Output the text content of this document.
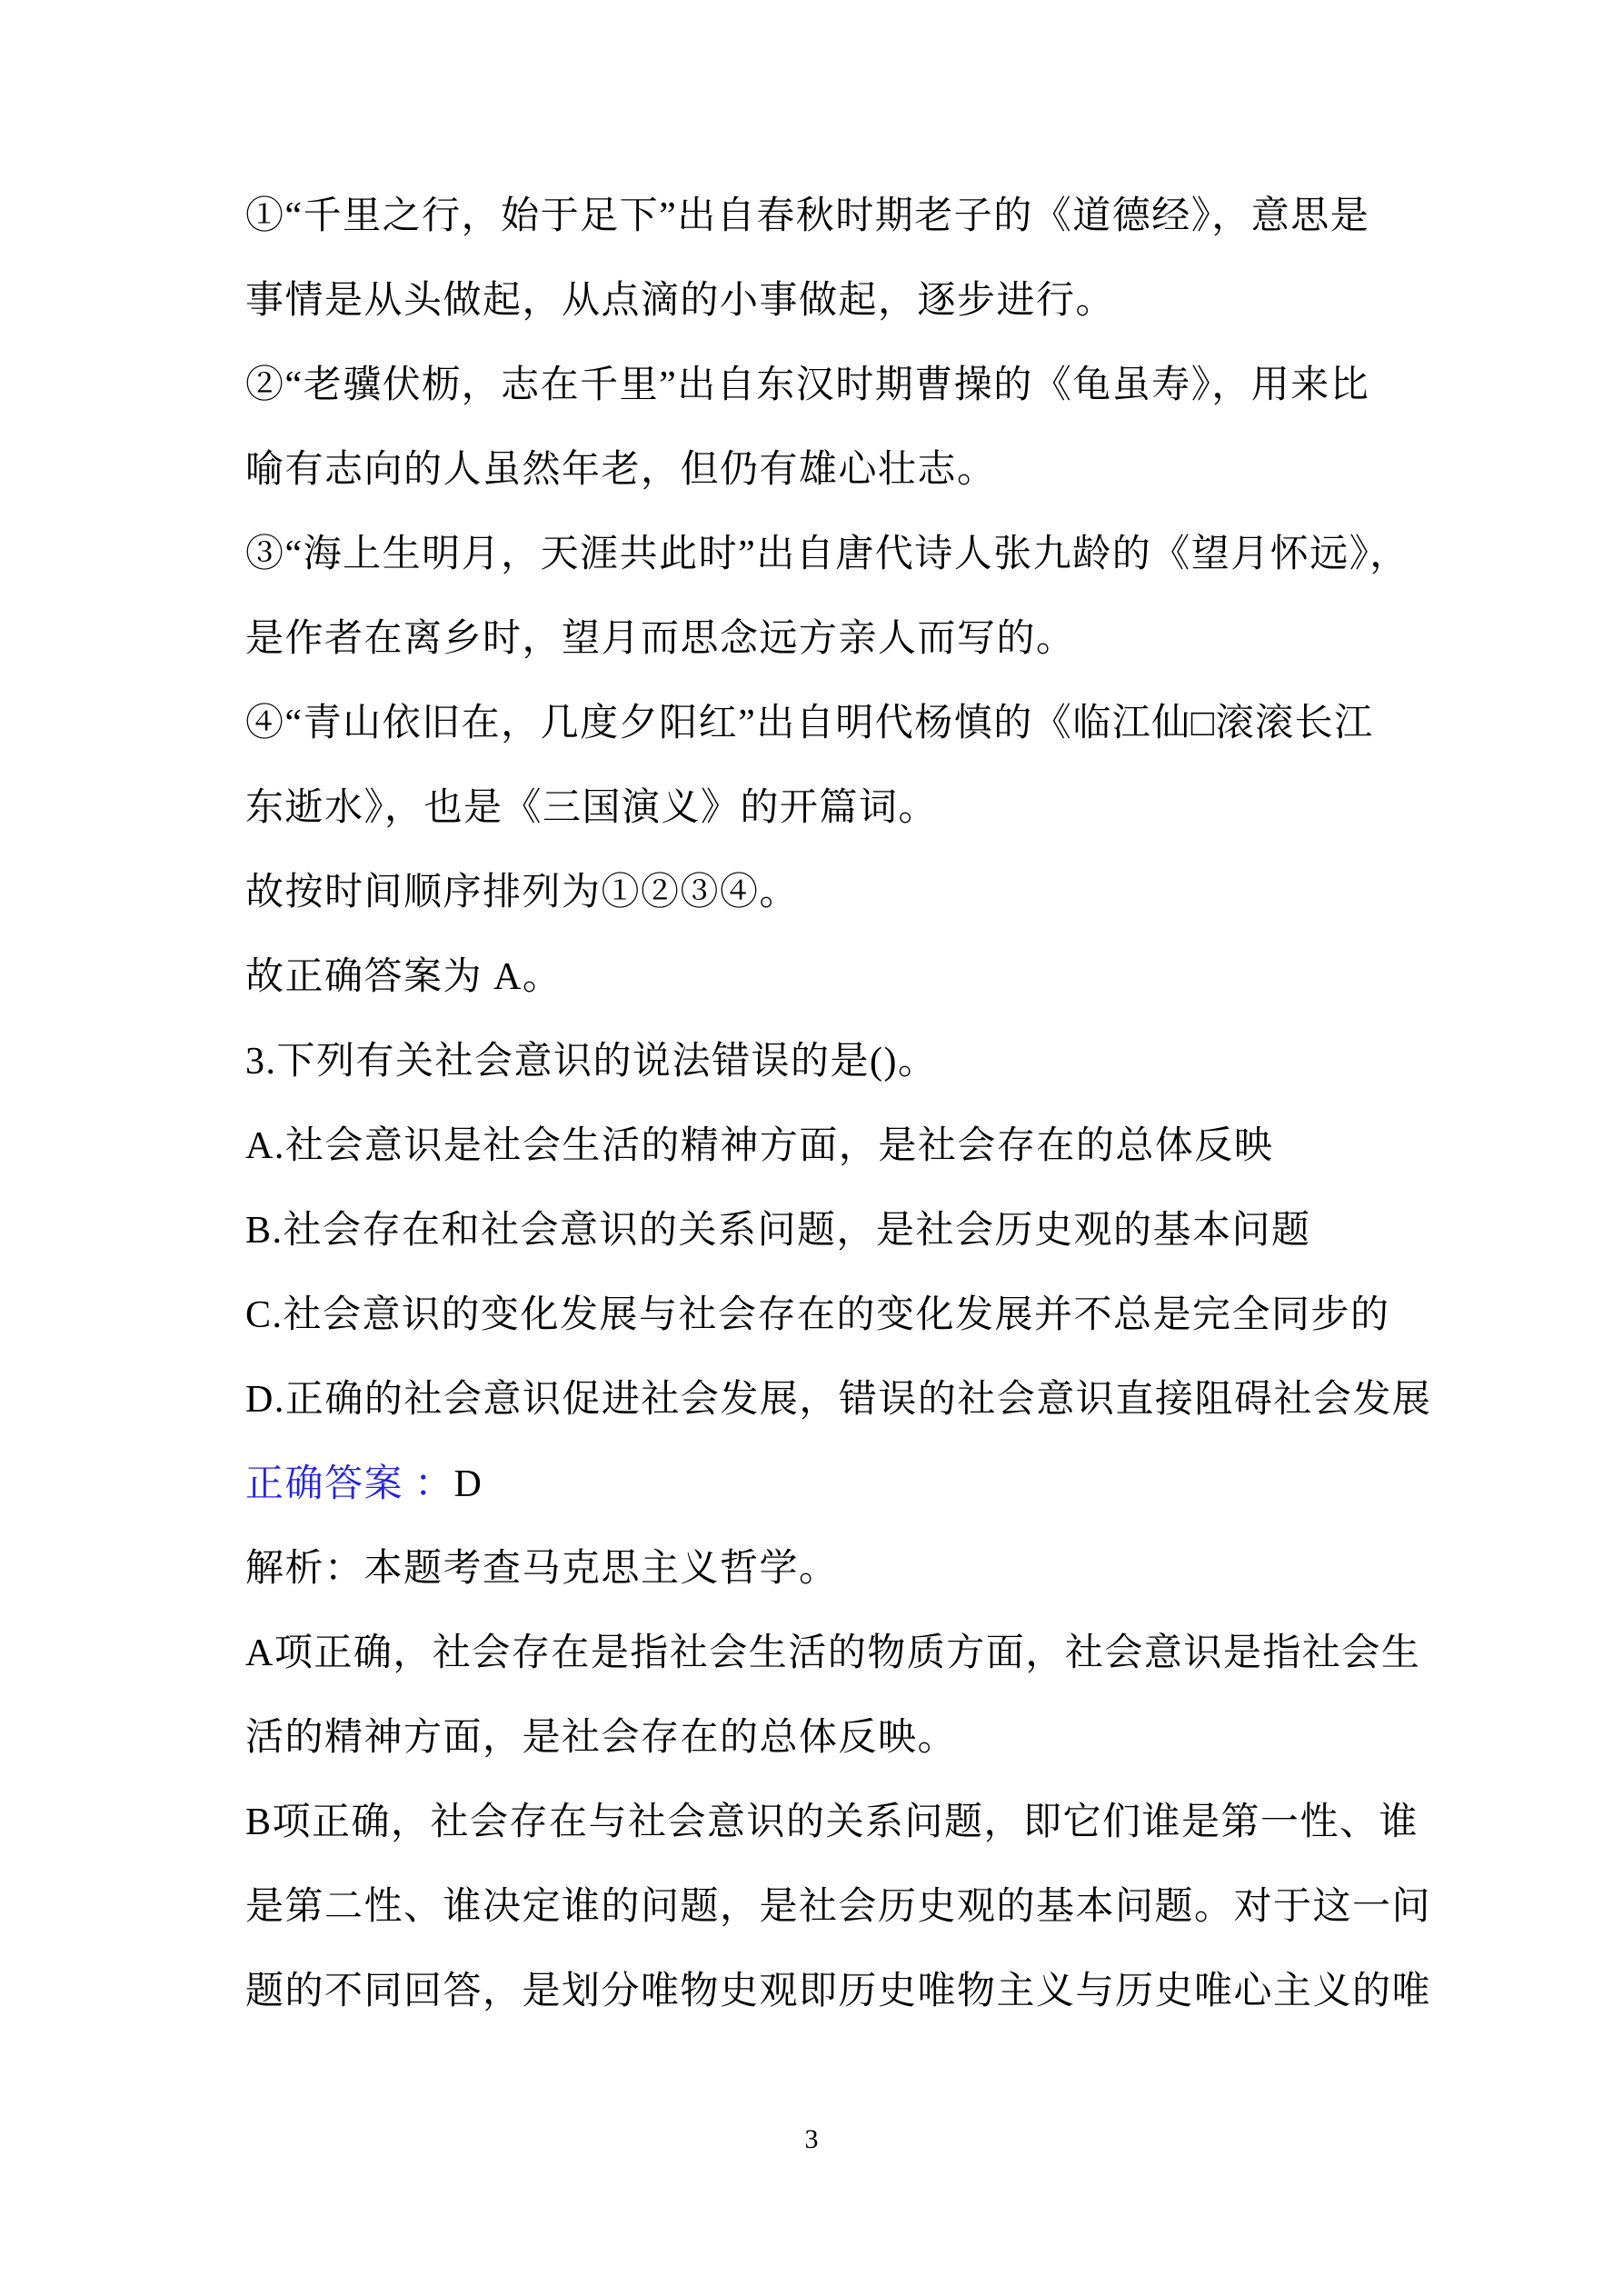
①“千里之行，始于足下”出自春秋时期老子的《道德经》，意思是
事情是从头做起，从点滴的小事做起，逐步进行。
②“老骥伏枥，志在千里”出自东汉时期曹操的《龟虽寿》，用来比
喻有志向的人虽然年老，但仍有雄心壮志。
③“海上生明月，天涯共此时”出自唐代诗人张九龄的《望月怀远》，
是作者在离乡时，望月而思念远方亲人而写的。
④“青山依旧在，几度夕阳红”出自明代杨慎的《临江仙□滚滚长江
东逝水》，也是《三国演义》的开篇词。
故按时间顺序排列为①②③④。
故正确答案为 A。
3.下列有关社会意识的说法错误的是()。
A.社会意识是社会生活的精神方面，是社会存在的总体反映
B.社会存在和社会意识的关系问题，是社会历史观的基本问题
C.社会意识的变化发展与社会存在的变化发展并不总是完全同步的
D.正确的社会意识促进社会发展，错误的社会意识直接阻碍社会发展
正确答案 ：D
解析：本题考查马克思主义哲学。
A项正确，社会存在是指社会生活的物质方面，社会意识是指社会生
活的精神方面，是社会存在的总体反映。
B项正确，社会存在与社会意识的关系问题，即它们谁是第一性、谁
是第二性、谁决定谁的问题，是社会历史观的基本问题。对于这一问
题的不同回答，是划分唯物史观即历史唯物主义与历史唯心主义的唯
3
